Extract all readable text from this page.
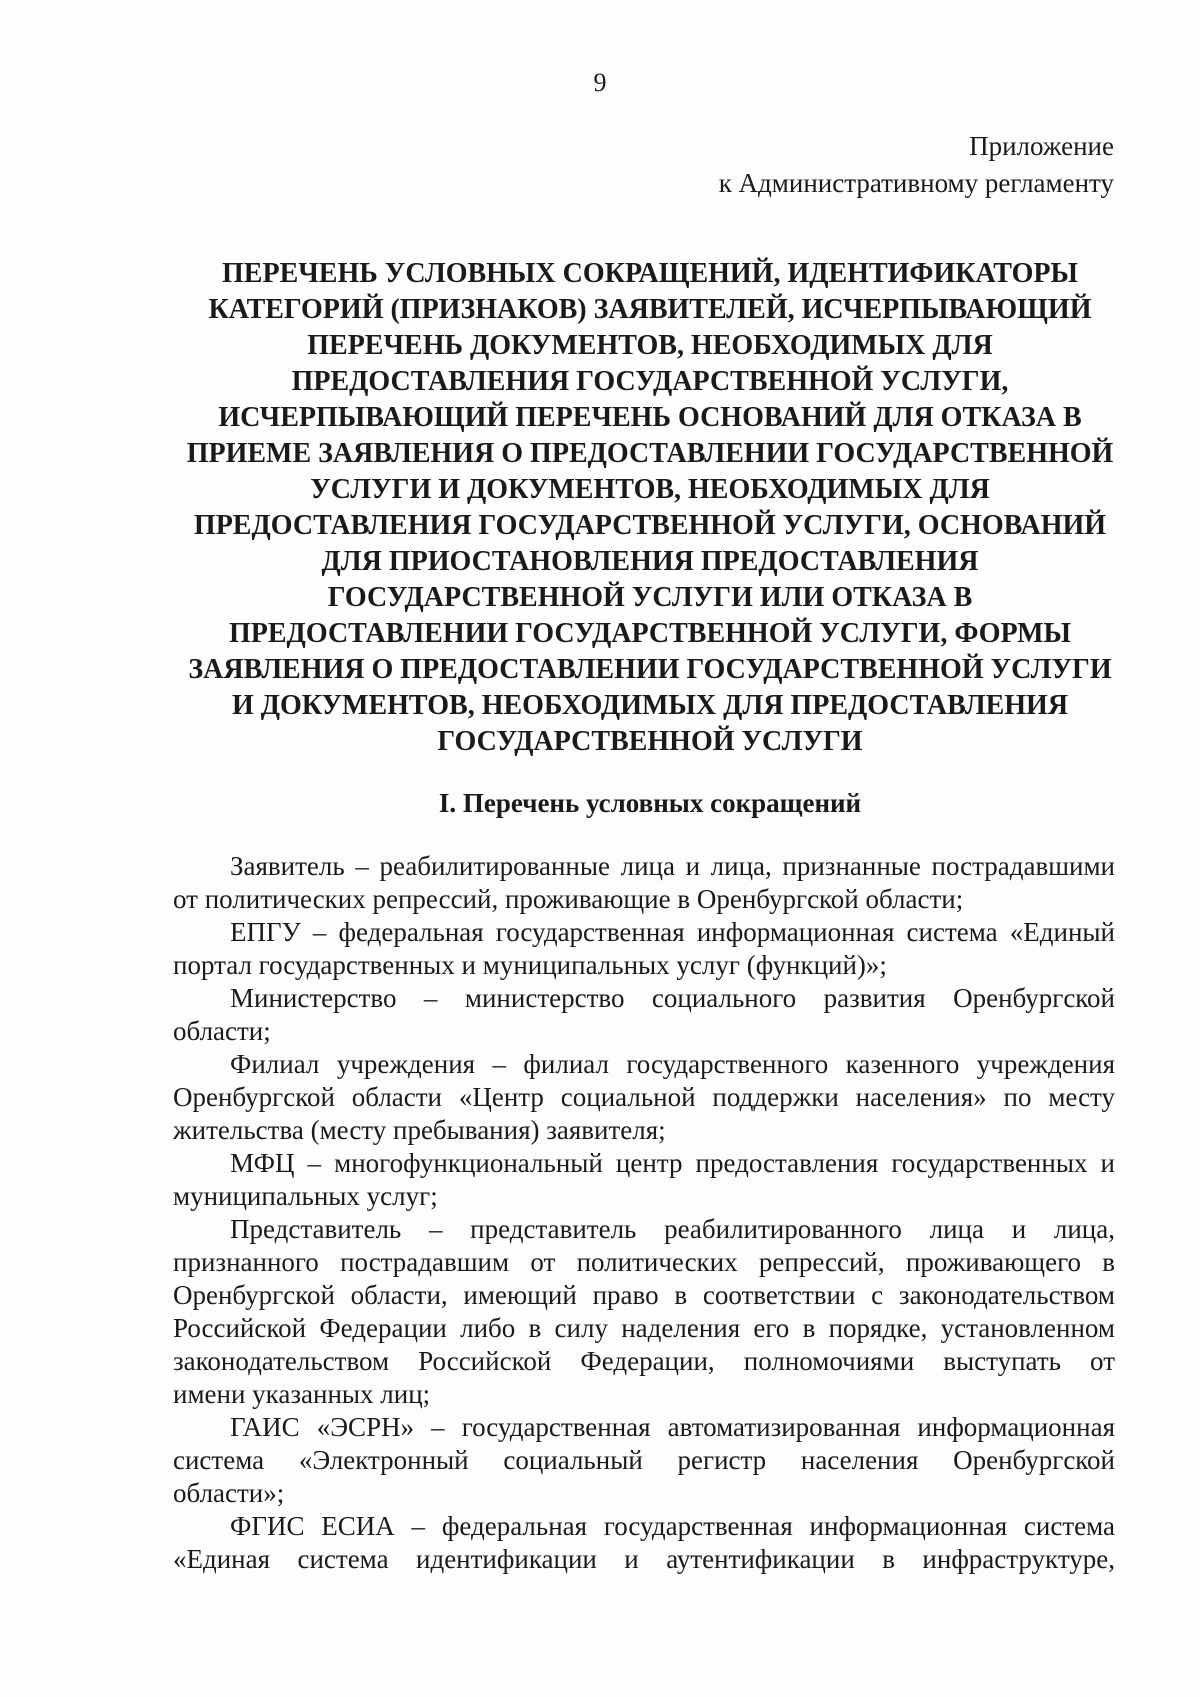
9
Приложение
к Административному регламенту
ПЕРЕЧЕНЬ УСЛОВНЫХ СОКРАЩЕНИЙ, ИДЕНТИФИКАТОРЫ
КАТЕГОРИЙ (ПРИЗНАКОВ) ЗАЯВИТЕЛЕЙ, ИСЧЕРПЫВАЮЩИЙ
ПЕРЕЧЕНЬ ДОКУМЕНТОВ, НЕОБХОДИМЫХ ДЛЯ
ПРЕДОСТАВЛЕНИЯ ГОСУДАРСТВЕННОЙ УСЛУГИ,
ИСЧЕРПЫВАЮЩИЙ ПЕРЕЧЕНЬ ОСНОВАНИЙ ДЛЯ ОТКАЗА В
ПРИЕМЕ ЗАЯВЛЕНИЯ О ПРЕДОСТАВЛЕНИИ ГОСУДАРСТВЕННОЙ
УСЛУГИ И ДОКУМЕНТОВ, НЕОБХОДИМЫХ ДЛЯ
ПРЕДОСТАВЛЕНИЯ ГОСУДАРСТВЕННОЙ УСЛУГИ, ОСНОВАНИЙ
ДЛЯ ПРИОСТАНОВЛЕНИЯ ПРЕДОСТАВЛЕНИЯ
ГОСУДАРСТВЕННОЙ УСЛУГИ ИЛИ ОТКАЗА В
ПРЕДОСТАВЛЕНИИ ГОСУДАРСТВЕННОЙ УСЛУГИ, ФОРМЫ
ЗАЯВЛЕНИЯ О ПРЕДОСТАВЛЕНИИ ГОСУДАРСТВЕННОЙ УСЛУГИ
И ДОКУМЕНТОВ, НЕОБХОДИМЫХ ДЛЯ ПРЕДОСТАВЛЕНИЯ
ГОСУДАРСТВЕННОЙ УСЛУГИ
I. Перечень условных сокращений
Заявитель – реабилитированные лица и лица, признанные пострадавшими
от политических репрессий, проживающие в Оренбургской области;
ЕПГУ – федеральная государственная информационная система «Единый
портал государственных и муниципальных услуг (функций)»;
Министерство – министерство социального развития Оренбургской
области;
Филиал учреждения – филиал государственного казенного учреждения
Оренбургской области «Центр социальной поддержки населения» по месту
жительства (месту пребывания) заявителя;
МФЦ – многофункциональный центр предоставления государственных и
муниципальных услуг;
Представитель – представитель реабилитированного лица и лица,
признанного пострадавшим от политических репрессий, проживающего в
Оренбургской области, имеющий право в соответствии с законодательством
Российской Федерации либо в силу наделения его в порядке, установленном
законодательством Российской Федерации, полномочиями выступать от
имени указанных лиц;
ГАИС «ЭСРН» – государственная автоматизированная информационная
система «Электронный социальный регистр населения Оренбургской
области»;
ФГИС ЕСИА – федеральная государственная информационная система
«Единая система идентификации и аутентификации в инфраструктуре,
